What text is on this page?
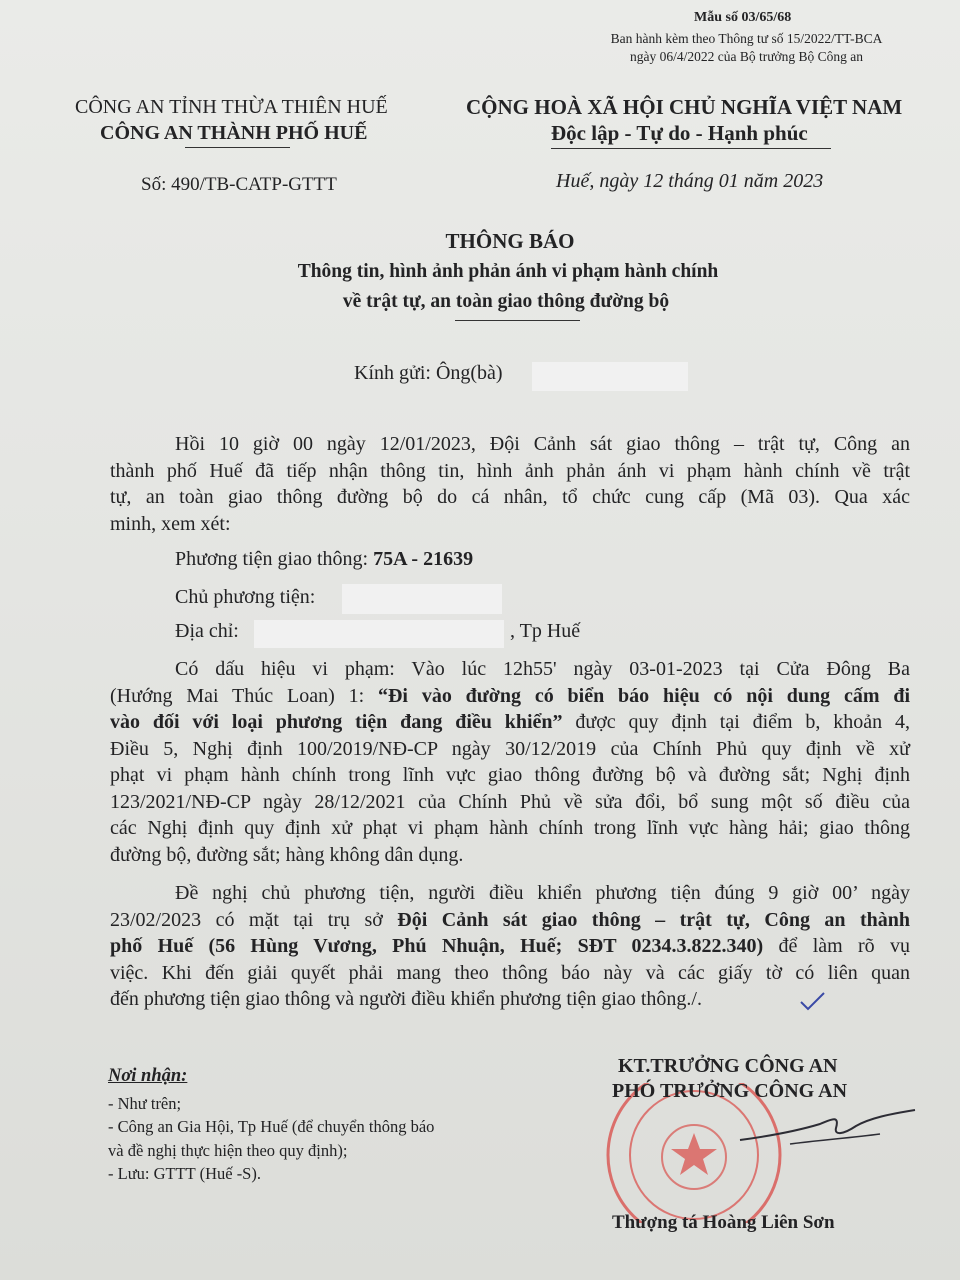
Mẫu số 03/65/68
Ban hành kèm theo Thông tư số 15/2022/TT-BCA
ngày 06/4/2022 của Bộ trưởng Bộ Công an
CÔNG AN TỈNH THỪA THIÊN HUẾ
CÔNG AN THÀNH PHỐ HUẾ
CỘNG HOÀ XÃ HỘI CHỦ NGHĨA VIỆT NAM
Độc lập - Tự do - Hạnh phúc
Số: 490/TB-CATP-GTTT	Huế, ngày 12 tháng 01 năm 2023
THÔNG BÁO
Thông tin, hình ảnh phản ánh vi phạm hành chính
về trật tự, an toàn giao thông đường bộ
Kính gửi: Ông(bà)
Hồi 10 giờ 00 ngày 12/01/2023, Đội Cảnh sát giao thông – trật tự, Công an
thành phố Huế đã tiếp nhận thông tin, hình ảnh phản ánh vi phạm hành chính về trật
tự, an toàn giao thông đường bộ do cá nhân, tổ chức cung cấp (Mã 03). Qua xác
minh, xem xét:
Phương tiện giao thông: 75A - 21639
Chủ phương tiện:
Địa chỉ:	, Tp Huế
Có dấu hiệu vi phạm: Vào lúc 12h55' ngày 03-01-2023 tại Cửa Đông Ba
(Hướng Mai Thúc Loan) 1: “Đi vào đường có biển báo hiệu có nội dung cấm đi
vào đối với loại phương tiện đang điều khiển” được quy định tại điểm b, khoản 4,
Điều 5, Nghị định 100/2019/NĐ-CP ngày 30/12/2019 của Chính Phủ quy định về xử
phạt vi phạm hành chính trong lĩnh vực giao thông đường bộ và đường sắt; Nghị định
123/2021/NĐ-CP ngày 28/12/2021 của Chính Phủ về sửa đổi, bổ sung một số điều của
các Nghị định quy định xử phạt vi phạm hành chính trong lĩnh vực hàng hải; giao thông
đường bộ, đường sắt; hàng không dân dụng.
Đề nghị chủ phương tiện, người điều khiển phương tiện đúng 9 giờ 00’ ngày
23/02/2023 có mặt tại trụ sở Đội Cảnh sát giao thông – trật tự, Công an thành
phố Huế (56 Hùng Vương, Phú Nhuận, Huế; SĐT 0234.3.822.340) để làm rõ vụ
việc. Khi đến giải quyết phải mang theo thông báo này và các giấy tờ có liên quan
đến phương tiện giao thông và người điều khiển phương tiện giao thông./.
Nơi nhận:
- Như trên;
- Công an Gia Hội, Tp Huế (để chuyển thông báo và đề nghị thực hiện theo quy định);
- Lưu: GTTT (Huế -S).
KT.TRƯỞNG CÔNG AN
PHÓ TRƯỞNG CÔNG AN
Thượng tá Hoàng Liên Sơn
